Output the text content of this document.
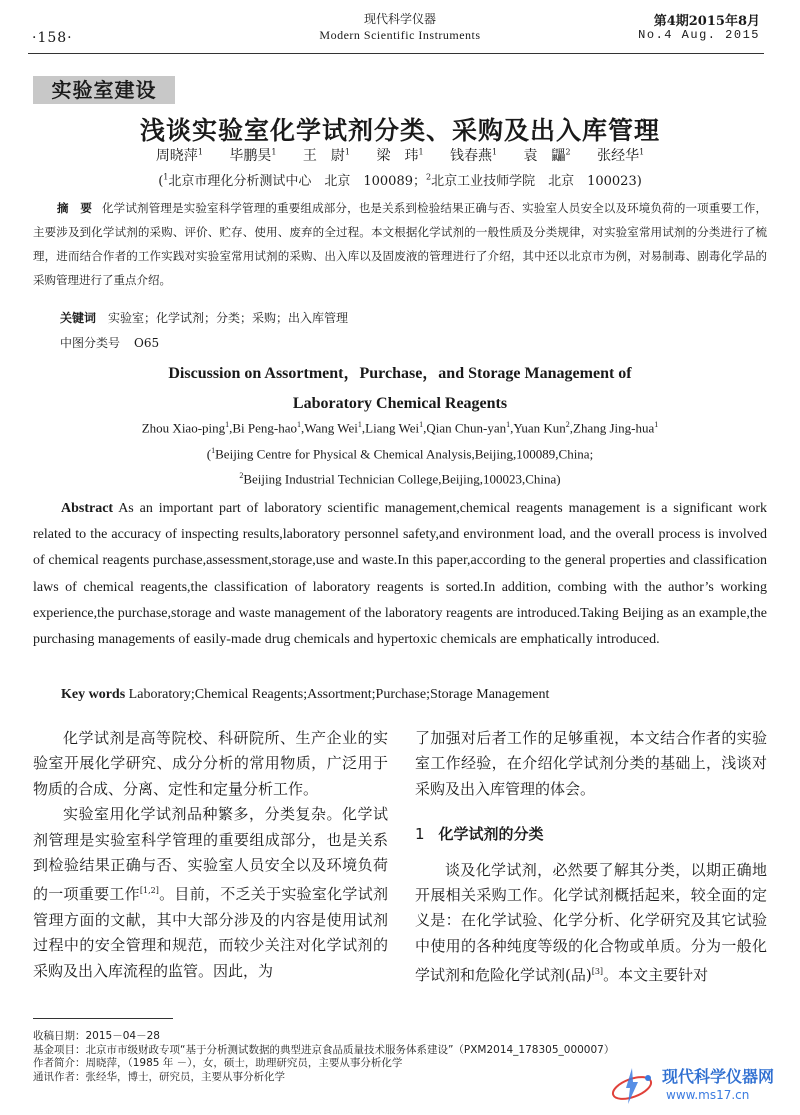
·158·
现代科学仪器
Modern Scientific Instruments
第4期2015年8月
No.4 Aug. 2015
实验室建设
浅谈实验室化学试剂分类、采购及出入库管理
周晓萍$^1$ 毕鹏昊$^1$ 王　尉$^1$ 梁　玮$^1$ 钱春燕$^1$ 袁　鼺$^2$ 张经华$^1$
($^1$北京市理化分析测试中心　北京　100089；$^2$北京工业技师学院　北京　100023)
摘　要 化学试剂管理是实验室科学管理的重要组成部分，也是关系到检验结果正确与否、实验室人员安全以及环境负荷的一项重要工作，主要涉及到化学试剂的采购、评价、贮存、使用、废弃的全过程。本文根据化学试剂的一般性质及分类规律，对实验室常用试剂的分类进行了梳理，进而结合作者的工作实践对实验室常用试剂的采购、出入库以及固废液的管理进行了介绍，其中还以北京市为例，对易制毒、剧毒化学品的采购管理进行了重点介绍。
关键词 实验室；化学试剂；分类；采购；出入库管理
中图分类号 O65
Discussion on Assortment，Purchase，and Storage Management of
Laboratory Chemical Reagents
Zhou Xiao-ping$^1$,Bi Peng-hao$^1$,Wang Wei$^1$,Liang Wei$^1$,Qian Chun-yan$^1$,Yuan Kun$^2$,Zhang Jing-hua$^1$
($^1$Beijing Centre for Physical & Chemical Analysis,Beijing,100089,China;
$^2$Beijing Industrial Technician College,Beijing,100023,China)
Abstract As an important part of laboratory scientific management,chemical reagents management is a significant work related to the accuracy of inspecting results,laboratory personnel safety,and environment load, and the overall process is involved of chemical reagents purchase,assessment,storage,use and waste.In this paper,according to the general properties and classification laws of chemical reagents,the classification of laboratory reagents is sorted.In addition, combing with the author’s working experience,the purchase,storage and waste management of the laboratory reagents are introduced.Taking Beijing as an example,the purchasing managements of easily-made drug chemicals and hypertoxic chemicals are emphatically introduced.
Key words Laboratory;Chemical Reagents;Assortment;Purchase;Storage Management

化学试剂是高等院校、科研院所、生产企业的实验室开展化学研究、成分分析的常用物质，广泛用于物质的合成、分离、定性和定量分析工作。

实验室用化学试剂品种繁多，分类复杂。化学试剂管理是实验室科学管理的重要组成部分，也是关系到检验结果正确与否、实验室人员安全以及环境负荷的一项重要工作[1,2]。目前，不乏关于实验室化学试剂管理方面的文献，其中大部分涉及的内容是使用试剂过程中的安全管理和规范，而较少关注对化学试剂的采购及出入库流程的监管。因此，为

了加强对后者工作的足够重视，本文结合作者的实验室工作经验，在介绍化学试剂分类的基础上，浅谈对采购及出入库管理的体会。

1 化学试剂的分类

谈及化学试剂，必然要了解其分类，以期正确地开展相关采购工作。化学试剂概括起来，较全面的定义是：在化学试验、化学分析、化学研究及其它试验中使用的各种纯度等级的化合物或单质。分为一般化学试剂和危险化学试剂(品)[3]。本文主要针对

收稿日期：2015－04－28
基金项目：北京市市级财政专项“基于分析测试数据的典型进京食品质量技术服务体系建设”（PXM2014_178305_000007）
作者简介：周晓萍，（1985 年 －），女，硕士，助理研究员，主要从事分析化学
通讯作者：张经华，博士，研究员，主要从事分析化学	现代科学仪器网
www.ms17.cn
